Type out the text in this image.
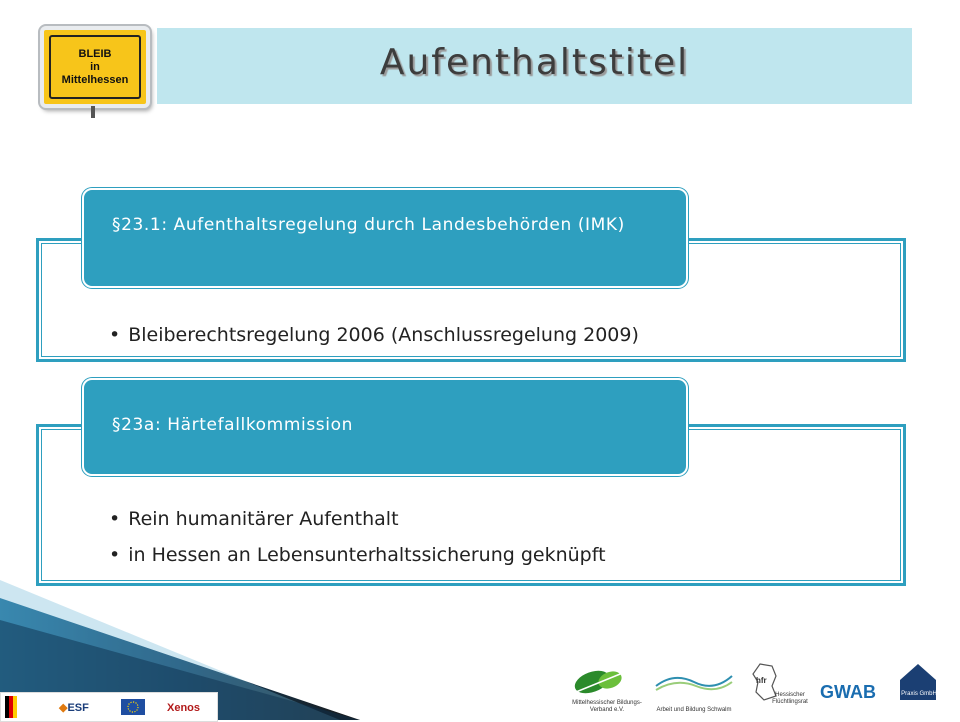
BLEIB
in
Mittelhessen	Aufenthaltstitel
• Bleiberechtsregelung 2006 (Anschlussregelung 2009)
§23.1: Aufenthaltsregelung durch Landesbehörden (IMK)
• Rein humanitärer Aufenthalt
• in Hessen an Lebensunterhaltssicherung geknüpft
§23a: Härtefallkommission
◆ESF	Xenos	Mittelhessischer Bildungs-Verband e.V.	Arbeit und Bildung Schwalm
hfr
Hessischer Flüchtlingsrat GWAB	Praxis GmbH
